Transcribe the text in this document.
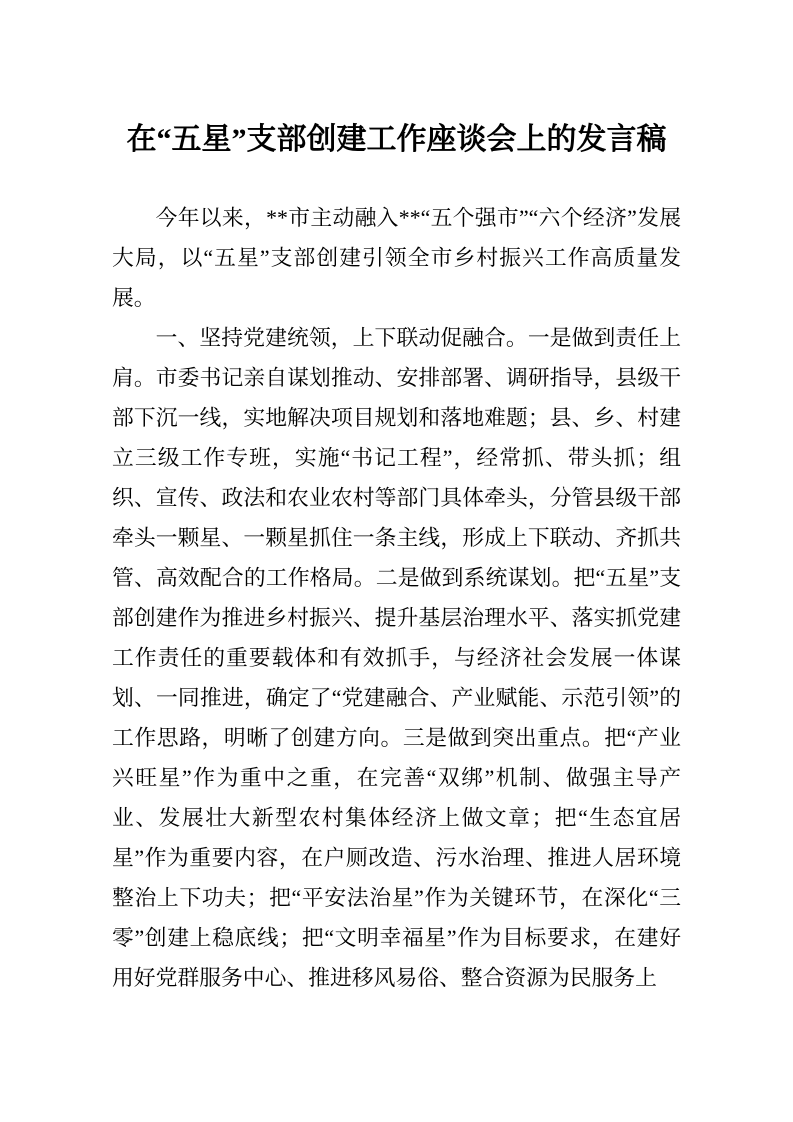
在“五星”支部创建工作座谈会上的发言稿

今年以来，**市主动融入**“五个强市”“六个经济”发展大局，以“五星”支部创建引领全市乡村振兴工作高质量发展。

一、坚持党建统领，上下联动促融合。一是做到责任上肩。市委书记亲自谋划推动、安排部署、调研指导，县级干部下沉一线，实地解决项目规划和落地难题；县、乡、村建立三级工作专班，实施“书记工程”，经常抓、带头抓；组织、宣传、政法和农业农村等部门具体牵头，分管县级干部牵头一颗星、一颗星抓住一条主线，形成上下联动、齐抓共管、高效配合的工作格局。二是做到系统谋划。把“五星”支部创建作为推进乡村振兴、提升基层治理水平、落实抓党建工作责任的重要载体和有效抓手，与经济社会发展一体谋划、一同推进，确定了“党建融合、产业赋能、示范引领”的工作思路，明晰了创建方向。三是做到突出重点。把“产业兴旺星”作为重中之重，在完善“双绑”机制、做强主导产业、发展壮大新型农村集体经济上做文章；把“生态宜居星”作为重要内容，在户厕改造、污水治理、推进人居环境整治上下功夫；把“平安法治星”作为关键环节，在深化“三零”创建上稳底线；把“文明幸福星”作为目标要求，在建好用好党群服务中心、推进移风易俗、整合资源为民服务上
